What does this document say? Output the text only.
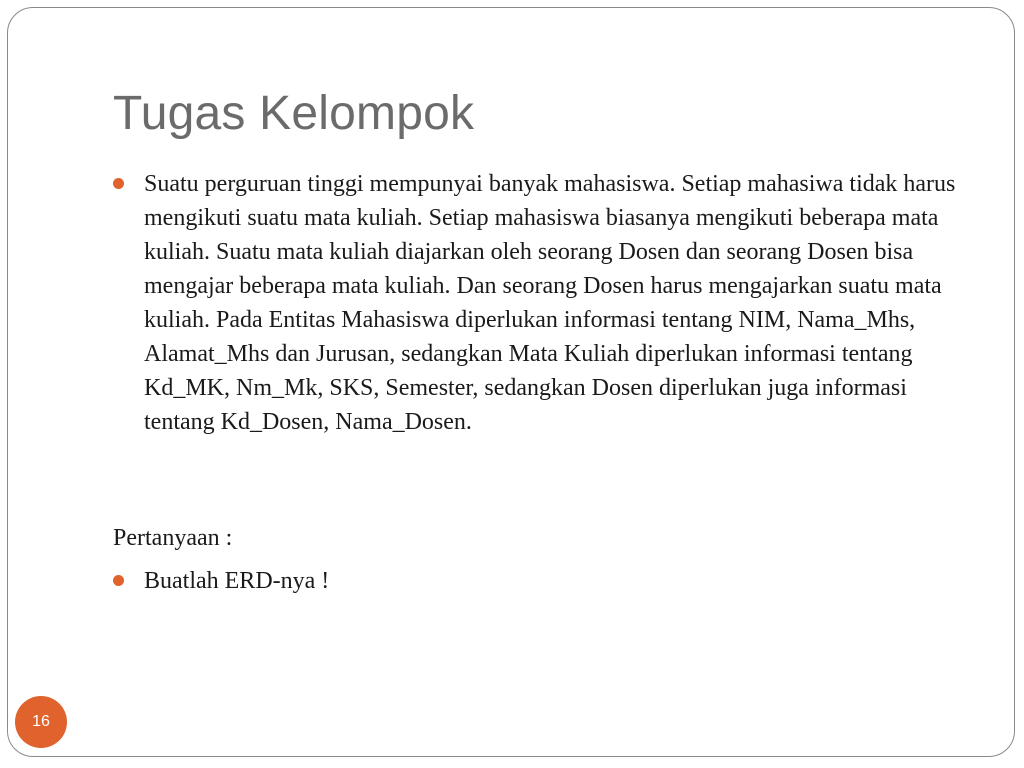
Tugas Kelompok
Suatu perguruan tinggi mempunyai banyak mahasiswa. Setiap mahasiwa tidak harus mengikuti suatu mata kuliah. Setiap mahasiswa biasanya mengikuti beberapa mata kuliah. Suatu mata kuliah diajarkan oleh seorang Dosen dan seorang Dosen bisa mengajar beberapa mata kuliah. Dan seorang Dosen harus mengajarkan suatu mata kuliah. Pada Entitas Mahasiswa diperlukan informasi tentang NIM, Nama_Mhs, Alamat_Mhs dan Jurusan, sedangkan Mata Kuliah diperlukan informasi tentang Kd_MK, Nm_Mk, SKS, Semester, sedangkan Dosen diperlukan juga informasi tentang Kd_Dosen, Nama_Dosen.
Pertanyaan :
Buatlah ERD-nya !
16
